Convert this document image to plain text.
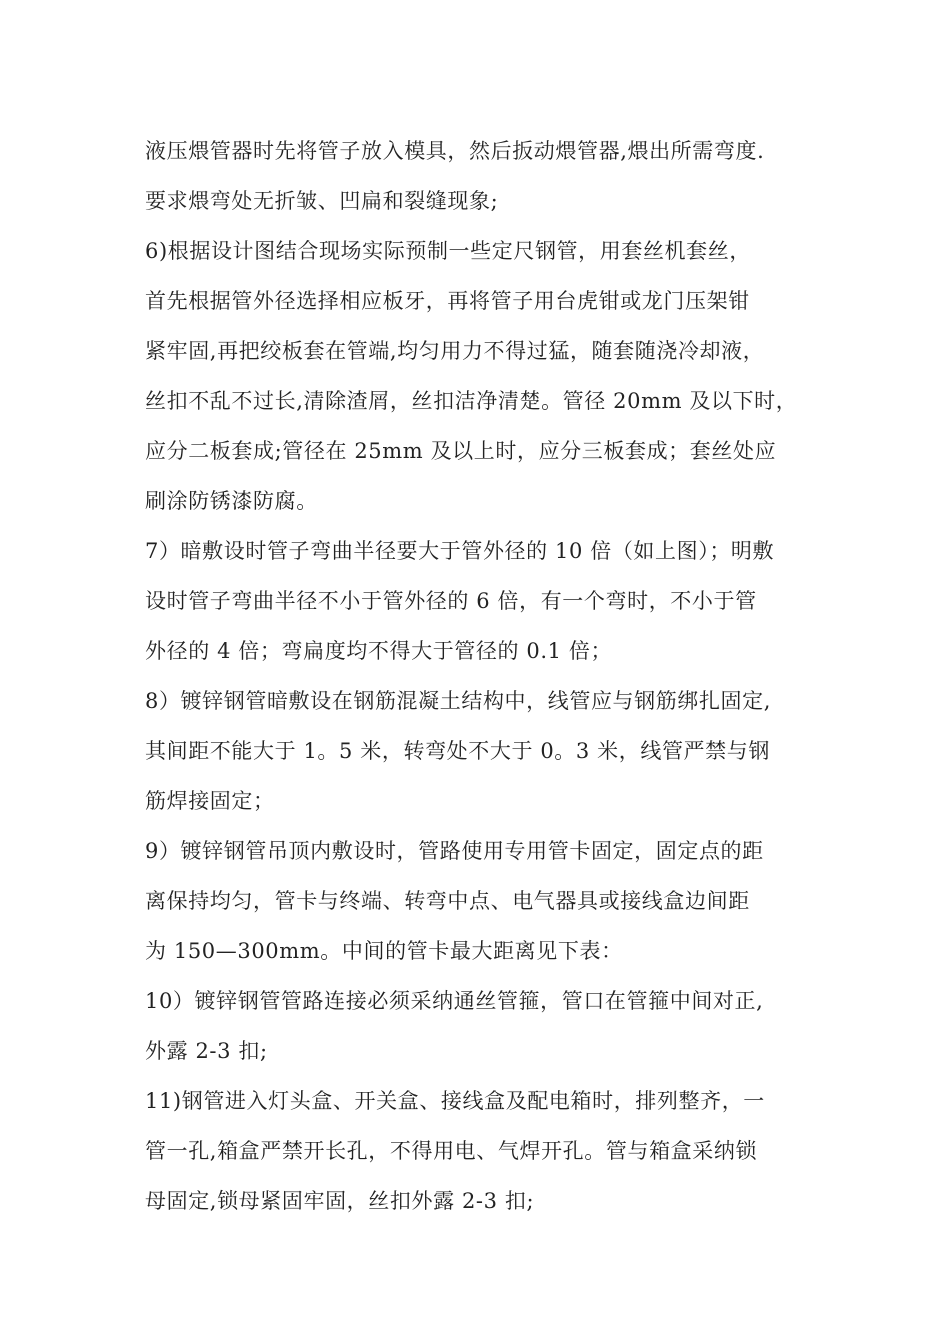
液压煨管器时先将管子放入模具，然后扳动煨管器,煨出所需弯度.
要求煨弯处无折皱、凹扁和裂缝现象;
6)根据设计图结合现场实际预制一些定尺钢管，用套丝机套丝，
首先根据管外径选择相应板牙，再将管子用台虎钳或龙门压架钳
紧牢固,再把绞板套在管端,均匀用力不得过猛，随套随浇冷却液，
丝扣不乱不过长,清除渣屑，丝扣洁净清楚。管径 20mm 及以下时，
应分二板套成;管径在 25mm 及以上时，应分三板套成；套丝处应
刷涂防锈漆防腐。
7）暗敷设时管子弯曲半径要大于管外径的 10 倍（如上图）；明敷
设时管子弯曲半径不小于管外径的 6 倍，有一个弯时，不小于管
外径的 4 倍；弯扁度均不得大于管径的 0.1 倍；
8）镀锌钢管暗敷设在钢筋混凝土结构中，线管应与钢筋绑扎固定,
其间距不能大于 1。5 米，转弯处不大于 0。3 米，线管严禁与钢
筋焊接固定；
9）镀锌钢管吊顶内敷设时，管路使用专用管卡固定，固定点的距
离保持均匀，管卡与终端、转弯中点、电气器具或接线盒边间距
为 150—300mm。中间的管卡最大距离见下表：
10）镀锌钢管管路连接必须采纳通丝管箍，管口在管箍中间对正,
外露 2-3 扣;
11)钢管进入灯头盒、开关盒、接线盒及配电箱时，排列整齐，一
管一孔,箱盒严禁开长孔，不得用电、气焊开孔。管与箱盒采纳锁
母固定,锁母紧固牢固，丝扣外露 2-3 扣;
